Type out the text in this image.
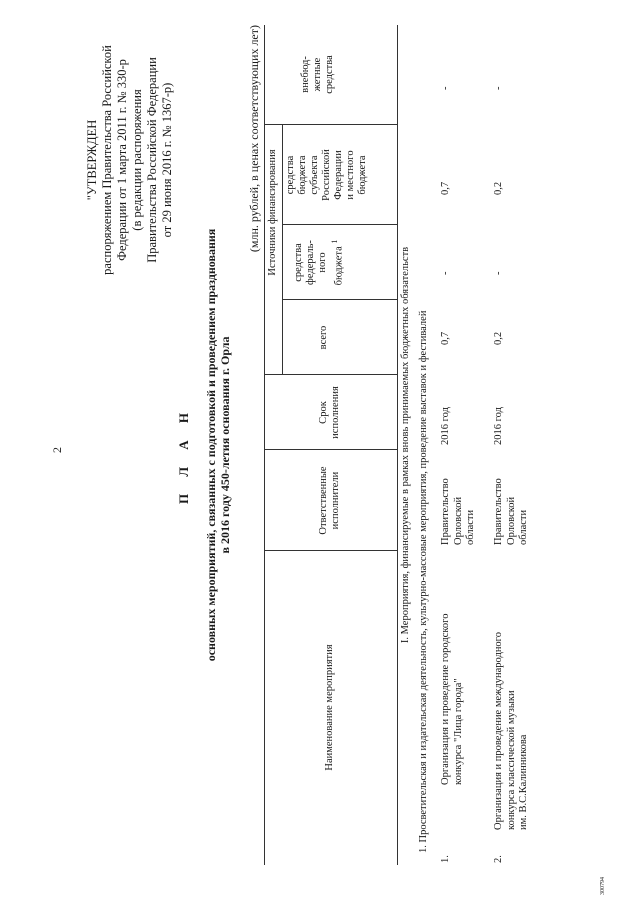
2
"УТВЕРЖДЕН распоряжением Правительства Российской Федерации от 1 марта 2011 г. № 330-р (в редакции распоряжения Правительства Российской Федерации от 29 июня 2016 г. № 1367-р)
П Л А Н основных мероприятий, связанных с подготовкой и проведением празднования в 2016 году 450-летия основания г. Орла
(млн. рублей, в ценах соответствующих лет)
Наименование мероприятия
Ответственные исполнители
Срок исполнения
всего
Источники финансирования средства федераль- ного бюджета $^1$
средства бюджета субъекта Российской Федерации и местного бюджета
внебюд- жетные средства
I. Мероприятия, финансируемые в рамках вновь принимаемых бюджетных обязательств 1. Просветительская и издательская деятельность, культурно-массовые мероприятия, проведение выставок и фестивалей
1.
Организация и проведение городского конкурса "Лица города"
Правительство Орловской области
2016 год
0,7
-
0,7
-
2.
Организация и проведение международного конкурса классической музыки им. В.С.Калинникова
Правительство Орловской области
2016 год
0,2
-
0,2
-
300794
